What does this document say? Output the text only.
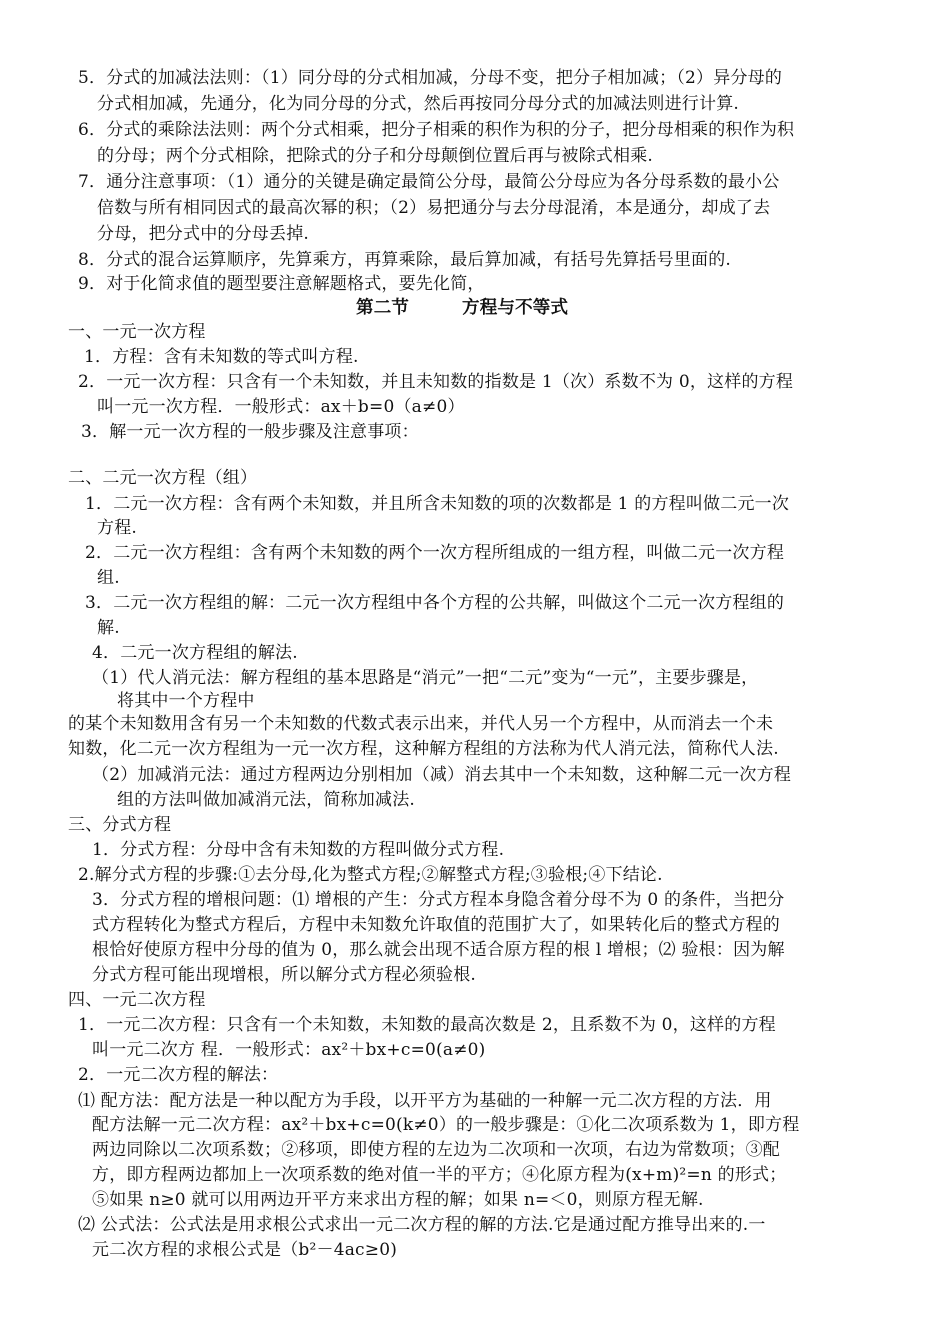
5．分式的加减法法则：（1）同分母的分式相加减，分母不变，把分子相加减；（2）异分母的
分式相加减，先通分，化为同分母的分式，然后再按同分母分式的加减法则进行计算.
6．分式的乘除法法则：两个分式相乘，把分子相乘的积作为积的分子，把分母相乘的积作为积
的分母；两个分式相除，把除式的分子和分母颠倒位置后再与被除式相乘.
7．通分注意事项：（1）通分的关键是确定最简公分母，最简公分母应为各分母系数的最小公
倍数与所有相同因式的最高次幂的积；（2）易把通分与去分母混淆，本是通分，却成了去
分母，把分式中的分母丢掉.
8．分式的混合运算顺序，先算乘方，再算乘除，最后算加减，有括号先算括号里面的.
9．对于化简求值的题型要注意解题格式，要先化简，
第二节	方程与不等式
一、一元一次方程
1．方程：含有未知数的等式叫方程.
2．一元一次方程：只含有一个未知数，并且未知数的指数是 1（次）系数不为 0，这样的方程
叫一元一次方程．一般形式：ax＋b=0（a≠0）
3．解一元一次方程的一般步骤及注意事项：
二、二元一次方程（组）
1．二元一次方程：含有两个未知数，并且所含未知数的项的次数都是 1 的方程叫做二元一次
方程.
2．二元一次方程组：含有两个未知数的两个一次方程所组成的一组方程，叫做二元一次方程
组.
3．二元一次方程组的解：二元一次方程组中各个方程的公共解，叫做这个二元一次方程组的
解.
4．二元一次方程组的解法.
（1）代人消元法：解方程组的基本思路是“消元”一把“二元”变为“一元”，主要步骤是，
将其中一个方程中
的某个未知数用含有另一个未知数的代数式表示出来，并代人另一个方程中，从而消去一个未
知数，化二元一次方程组为一元一次方程，这种解方程组的方法称为代人消元法，简称代人法.
（2）加减消元法：通过方程两边分别相加（减）消去其中一个未知数，这种解二元一次方程
组的方法叫做加减消元法，简称加减法.
三、分式方程
1．分式方程：分母中含有未知数的方程叫做分式方程.
2.解分式方程的步骤:①去分母,化为整式方程;②解整式方程;③验根;④下结论.
3．分式方程的增根问题：⑴ 增根的产生：分式方程本身隐含着分母不为 0 的条件，当把分
式方程转化为整式方程后，方程中未知数允许取值的范围扩大了，如果转化后的整式方程的
根恰好使原方程中分母的值为 0，那么就会出现不适合原方程的根 l 增根；⑵ 验根：因为解
分式方程可能出现增根，所以解分式方程必须验根.
四、一元二次方程
1．一元二次方程：只含有一个未知数，未知数的最高次数是 2，且系数不为 0，这样的方程
叫一元二次方 程．一般形式：ax²＋bx+c=0(a≠0)
2．一元二次方程的解法：
⑴ 配方法：配方法是一种以配方为手段，以开平方为基础的一种解一元二次方程的方法．用
配方法解一元二次方程：ax²＋bx+c=0(k≠0）的一般步骤是：①化二次项系数为 1，即方程
两边同除以二次项系数；②移项，即使方程的左边为二次项和一次项，右边为常数项；③配
方，即方程两边都加上一次项系数的绝对值一半的平方；④化原方程为(x+m)²=n 的形式；
⑤如果 n≥0 就可以用两边开平方来求出方程的解；如果 n=＜0，则原方程无解.
⑵ 公式法：公式法是用求根公式求出一元二次方程的解的方法.它是通过配方推导出来的.一
元二次方程的求根公式是（b²－4ac≥0)
